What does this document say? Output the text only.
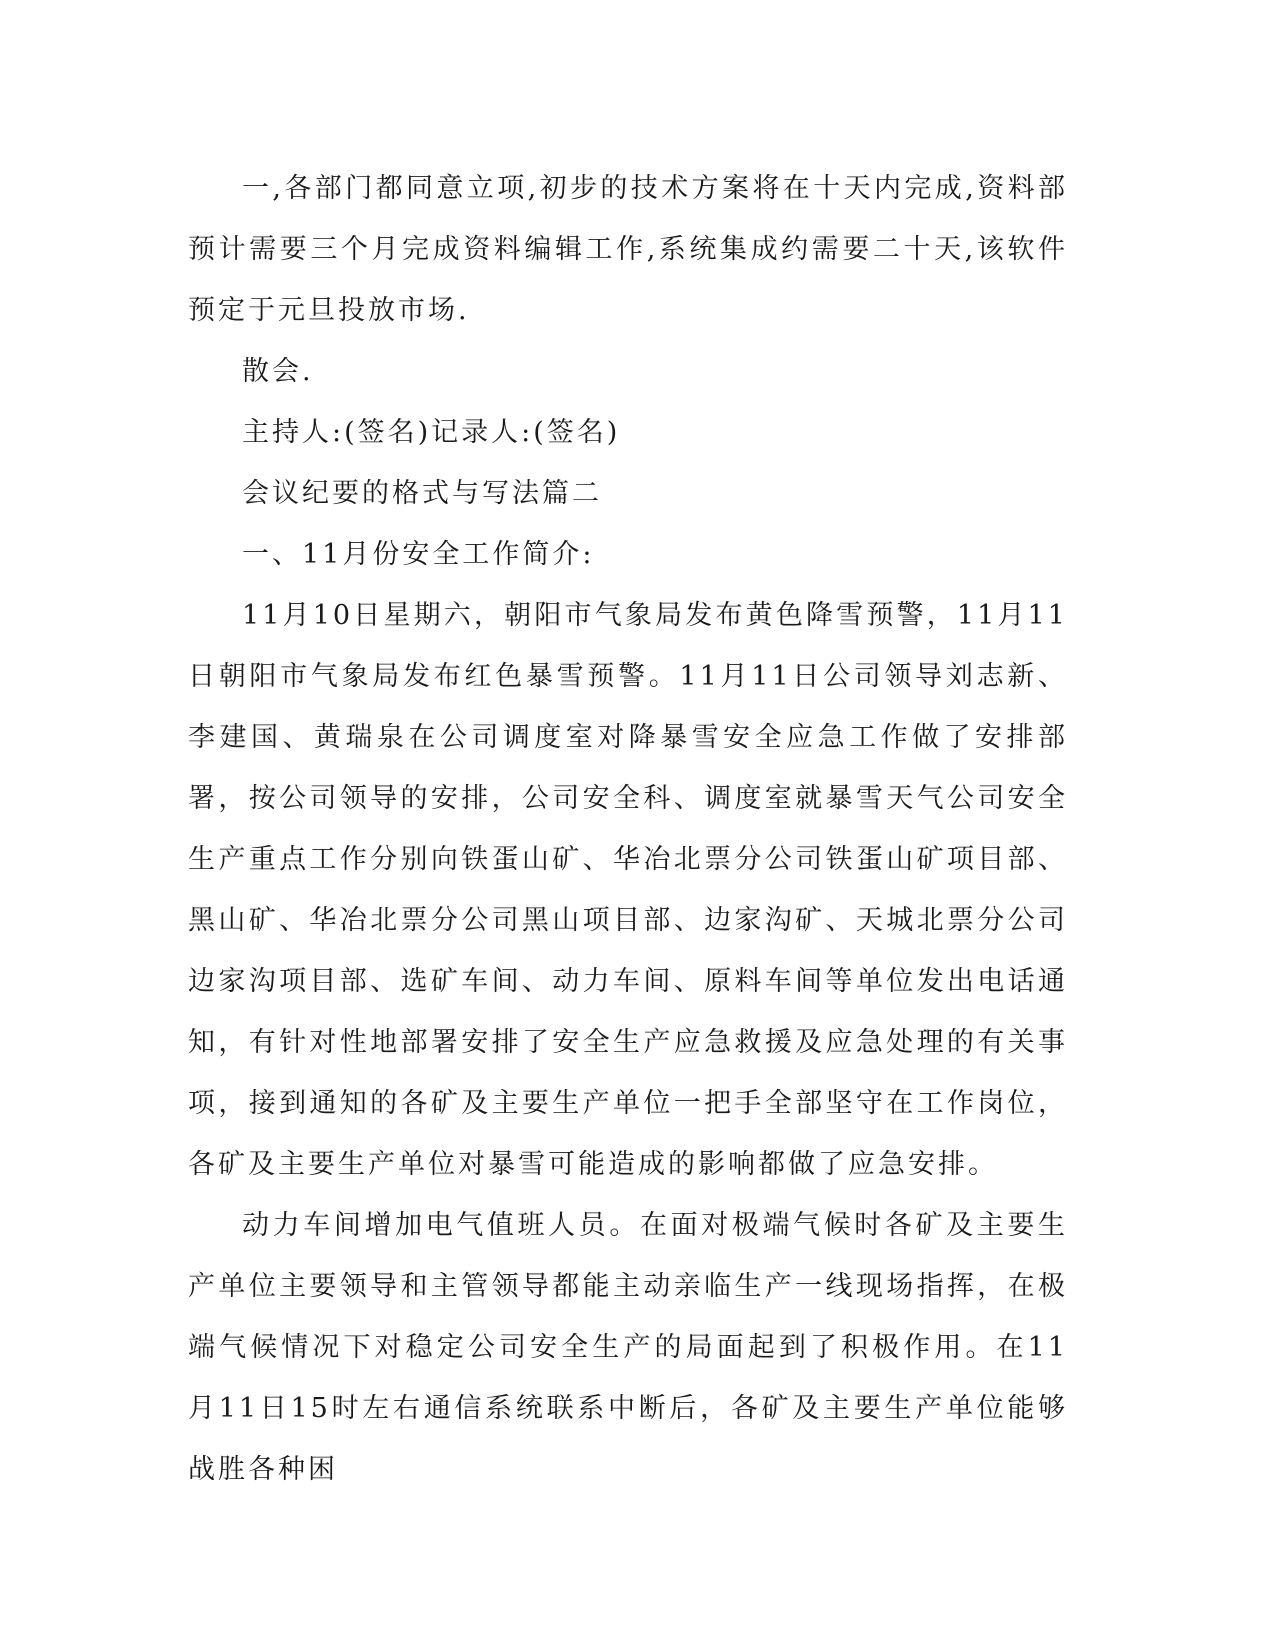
一,各部门都同意立项,初步的技术方案将在十天内完成,资料部预计需要三个月完成资料编辑工作,系统集成约需要二十天,该软件预定于元旦投放市场.

散会.

主持人:(签名)记录人:(签名)

会议纪要的格式与写法篇二

一、11月份安全工作简介:

11月10日星期六，朝阳市气象局发布黄色降雪预警，11月11日朝阳市气象局发布红色暴雪预警。11月11日公司领导刘志新、李建国、黄瑞泉在公司调度室对降暴雪安全应急工作做了安排部署，按公司领导的安排，公司安全科、调度室就暴雪天气公司安全生产重点工作分别向铁蛋山矿、华冶北票分公司铁蛋山矿项目部、黑山矿、华冶北票分公司黑山项目部、边家沟矿、天城北票分公司边家沟项目部、选矿车间、动力车间、原料车间等单位发出电话通知，有针对性地部署安排了安全生产应急救援及应急处理的有关事项，接到通知的各矿及主要生产单位一把手全部坚守在工作岗位，各矿及主要生产单位对暴雪可能造成的影响都做了应急安排。

动力车间增加电气值班人员。在面对极端气候时各矿及主要生产单位主要领导和主管领导都能主动亲临生产一线现场指挥，在极端气候情况下对稳定公司安全生产的局面起到了积极作用。在11月11日15时左右通信系统联系中断后，各矿及主要生产单位能够战胜各种困
